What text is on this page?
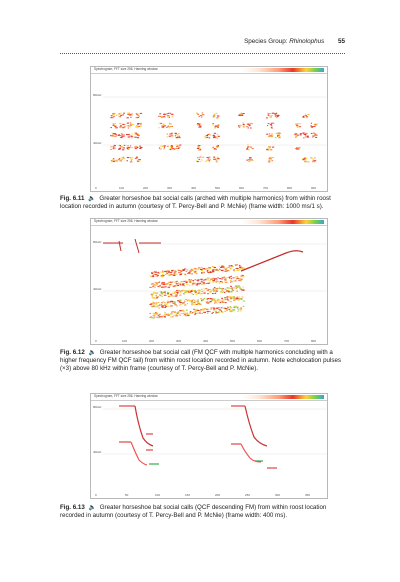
Species Group: Rhinolophus 55
Spectrogram, FFT size 256, Hanning window
80kHz
40kHz
0	100	200	300	400	500	600	700	800	900
Fig. 6.11 🔈 Greater horseshoe bat social calls (arched with multiple harmonics) from within roost location recorded in autumn (courtesy of T. Percy-Bell and P. McNie) (frame width: 1000 ms/1 s).
Spectrogram, FFT size 256, Hanning window
80kHz
40kHz
0	100	200	300	400	500	600	700	800
Fig. 6.12 🔈 Greater horseshoe bat social call (FM QCF with multiple harmonics concluding with a higher frequency FM QCF tail) from within roost location recorded in autumn. Note echolocation pulses (×3) above 80 kHz within frame (courtesy of T. Percy-Bell and P. McNie).
Spectrogram, FFT size 256, Hanning window
80kHz
40kHz
0	50	100	150	200	250	300	350
Fig. 6.13 🔈 Greater horseshoe bat social calls (QCF descending FM) from within roost location recorded in autumn (courtesy of T. Percy-Bell and P. McNie) (frame width: 400 ms).
